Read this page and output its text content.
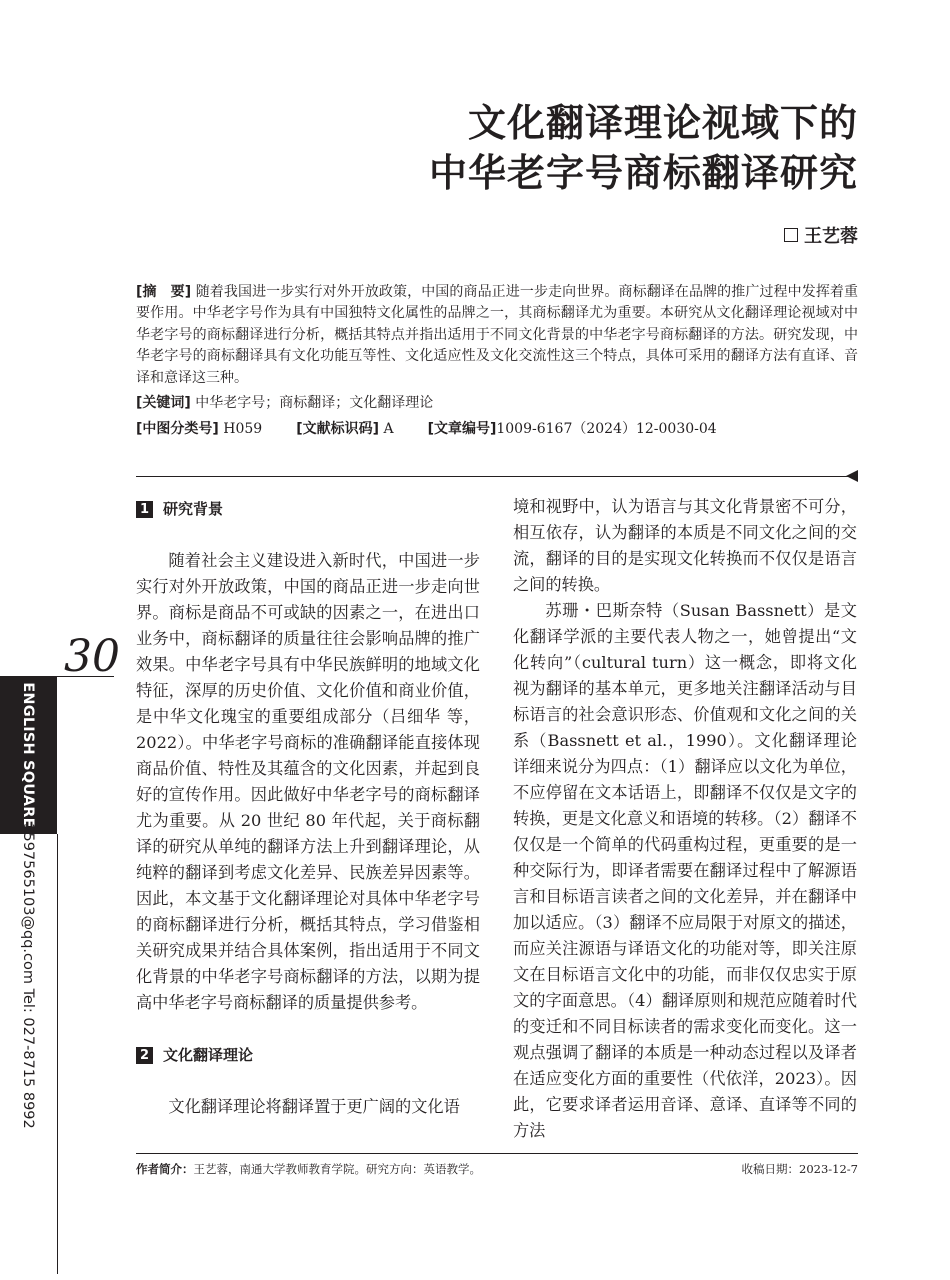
文化翻译理论视域下的
中华老字号商标翻译研究
王艺蓉

[摘　要] 随着我国进一步实行对外开放政策，中国的商品正进一步走向世界。商标翻译在品牌的推广过程中发挥着重要作用。中华老字号作为具有中国独特文化属性的品牌之一，其商标翻译尤为重要。本研究从文化翻译理论视域对中华老字号的商标翻译进行分析，概括其特点并指出适用于不同文化背景的中华老字号商标翻译的方法。研究发现，中华老字号的商标翻译具有文化功能互等性、文化适应性及文化交流性这三个特点，具体可采用的翻译方法有直译、音译和意译这三种。

[关键词] 中华老字号；商标翻译；文化翻译理论

[中图分类号] H059 [文献标识码] A [文章编号]1009-6167（2024）12-0030-04
1 研究背景

随着社会主义建设进入新时代，中国进一步实行对外开放政策，中国的商品正进一步走向世界。商标是商品不可或缺的因素之一，在进出口业务中，商标翻译的质量往往会影响品牌的推广效果。中华老字号具有中华民族鲜明的地域文化特征，深厚的历史价值、文化价值和商业价值，是中华文化瑰宝的重要组成部分（吕细华 等，2022）。中华老字号商标的准确翻译能直接体现商品价值、特性及其蕴含的文化因素，并起到良好的宣传作用。因此做好中华老字号的商标翻译尤为重要。从 20 世纪 80 年代起，关于商标翻译的研究从单纯的翻译方法上升到翻译理论，从纯粹的翻译到考虑文化差异、民族差异因素等。因此，本文基于文化翻译理论对具体中华老字号的商标翻译进行分析，概括其特点，学习借鉴相关研究成果并结合具体案例，指出适用于不同文化背景的中华老字号商标翻译的方法，以期为提高中华老字号商标翻译的质量提供参考。

2 文化翻译理论

文化翻译理论将翻译置于更广阔的文化语

境和视野中，认为语言与其文化背景密不可分，相互依存，认为翻译的本质是不同文化之间的交流，翻译的目的是实现文化转换而不仅仅是语言之间的转换。

苏珊・巴斯奈特（Susan Bassnett）是文化翻译学派的主要代表人物之一，她曾提出“文化转向”（cultural turn）这一概念，即将文化视为翻译的基本单元，更多地关注翻译活动与目标语言的社会意识形态、价值观和文化之间的关系（Bassnett et al.，1990）。文化翻译理论详细来说分为四点：（1）翻译应以文化为单位，不应停留在文本话语上，即翻译不仅仅是文字的转换，更是文化意义和语境的转移。（2）翻译不仅仅是一个简单的代码重构过程，更重要的是一种交际行为，即译者需要在翻译过程中了解源语言和目标语言读者之间的文化差异，并在翻译中加以适应。（3）翻译不应局限于对原文的描述，而应关注源语与译语文化的功能对等，即关注原文在目标语言文化中的功能，而非仅仅忠实于原文的字面意思。（4）翻译原则和规范应随着时代的变迁和不同目标读者的需求变化而变化。这一观点强调了翻译的本质是一种动态过程以及译者在适应变化方面的重要性（代依洋，2023）。因此，它要求译者运用音译、意译、直译等不同的方法

30
ENGLISH SQUARE
3597565103@qq.com Tel: 027-8715 8992
作者简介：王艺蓉，南通大学教师教育学院。研究方向：英语教学。	收稿日期：2023-12-7
